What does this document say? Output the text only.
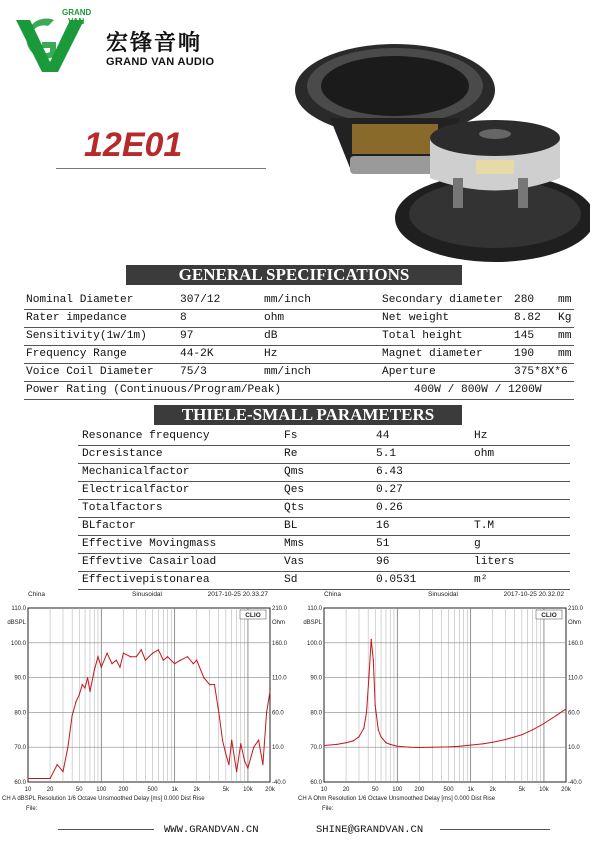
GRAND
VAN
宏锋音响
GRAND VAN AUDIO
12E01
GENERAL SPECIFICATIONS
Nominal Diameter	307/12	mm/inch	Secondary diameter 280 mm
Rater impedance	8	ohm	Net weight	8.82 Kg
Sensitivity(1w/1m)	97	dB	Total height	145 mm
Frequency Range	44-2K	Hz	Magnet diameter	190 mm
Voice Coil Diameter 75/3	mm/inch	Aperture	375*8X*6
Power Rating (Continuous/Program/Peak)	400W / 800W / 1200W
THIELE-SMALL PARAMETERS
Resonance frequency	Fs	44	Hz
Dcresistance	Re	5.1	ohm
Mechanicalfactor	Qms	6.43
Electricalfactor	Qes	0.27
Totalfactors	Qts	0.26
BLfactor	BL	16	T.M
Effective Movingmass	Mms	51	g
Effevtive Casairload	Vas	96	liters
Effectivepistonarea	Sd	0.0531	m²
China	Sinusoidal	2017-10-25 20.33.27
110.0	210.0
100.0	160.0
90.0	110.0
80.0	60.0
70.0	10.0
60.0	-40.0
dBSPL	Ohm
10	20	50 100 200	500 1k	2k	5k 10k 20k
CLIO
CH A dBSPL Resolution 1/6 Octave Unsmoothed Delay [ms] 0.000 Dist Rise
File:
China	Sinusoidal	2017-10-25 20.32.02
110.0	210.0
100.0	160.0
90.0	110.0
80.0	60.0
70.0	10.0
60.0	-40.0
dBSPL	Ohm
10	20	50 100 200	500 1k	2k	5k 10k 20k
CLIO
CH A Ohm Resolution 1/6 Octave Unsmoothed Delay [ms] 0.000 Dist Rise
File:
WWW.GRANDVAN.CN	SHINE@GRANDVAN.CN
